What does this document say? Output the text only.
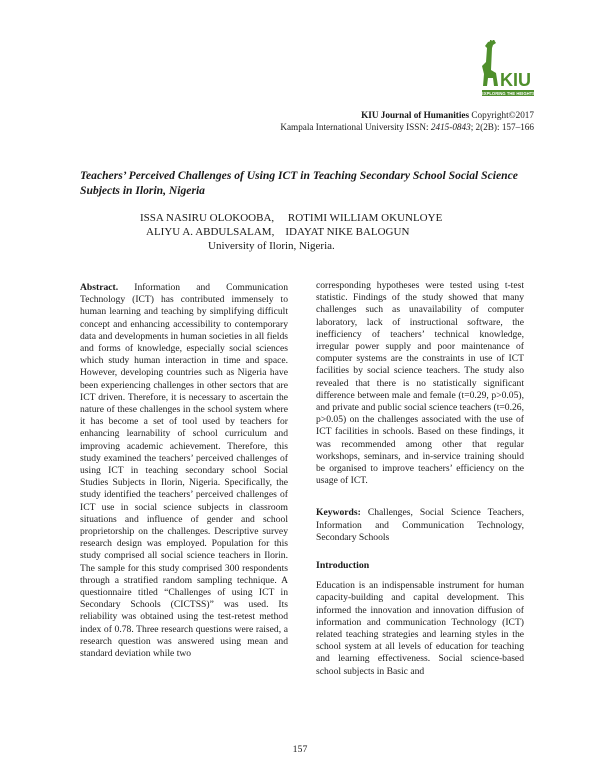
KIU
EXPLORING THE HEIGHTS
KIU Journal of Humanities Copyright©2017
Kampala International University ISSN: 2415-0843; 2(2B): 157–166
Teachers’ Perceived Challenges of Using ICT in Teaching Secondary School Social Science Subjects in Ilorin, Nigeria
ISSA NASIRU OLOKOOBA,     ROTIMI WILLIAM OKUNLOYE
ALIYU A. ABDULSALAM,    IDAYAT NIKE BALOGUN
University of Ilorin, Nigeria.

Abstract. Information and Communication Technology (ICT) has contributed immensely to human learning and teaching by simplifying difficult concept and enhancing accessibility to contemporary data and developments in human societies in all fields and forms of knowledge, especially social sciences which study human interaction in time and space. However, developing countries such as Nigeria have been experiencing challenges in other sectors that are ICT driven. Therefore, it is necessary to ascertain the nature of these challenges in the school system where it has become a set of tool used by teachers for enhancing learnability of school curriculum and improving academic achievement. Therefore, this study examined the teachers’ perceived challenges of using ICT in teaching secondary school Social Studies Subjects in Ilorin, Nigeria. Specifically, the study identified the teachers’ perceived challenges of ICT use in social science subjects in classroom situations and influence of gender and school proprietorship on the challenges. Descriptive survey research design was employed. Population for this study comprised all social science teachers in Ilorin. The sample for this study comprised 300 respondents through a stratified random sampling technique. A questionnaire titled “Challenges of using ICT in Secondary Schools (CICTSS)” was used. Its reliability was obtained using the test-retest method index of 0.78. Three research questions were raised, a research question was answered using mean and standard deviation while two

corresponding hypotheses were tested using t-test statistic. Findings of the study showed that many challenges such as unavailability of computer laboratory, lack of instructional software, the inefficiency of teachers’ technical knowledge, irregular power supply and poor maintenance of computer systems are the constraints in use of ICT facilities by social science teachers. The study also revealed that there is no statistically significant difference between male and female (t=0.29, p>0.05), and private and public social science teachers (t=0.26, p>0.05) on the challenges associated with the use of ICT facilities in schools. Based on these findings, it was recommended among other that regular workshops, seminars, and in-service training should be organised to improve teachers’ efficiency on the usage of ICT.

Keywords: Challenges, Social Science Teachers, Information and Communication Technology, Secondary Schools

Introduction

Education is an indispensable instrument for human capacity-building and capital development. This informed the innovation and innovation diffusion of information and communication Technology (ICT) related teaching strategies and learning styles in the school system at all levels of education for teaching and learning effectiveness. Social science-based school subjects in Basic and

157
